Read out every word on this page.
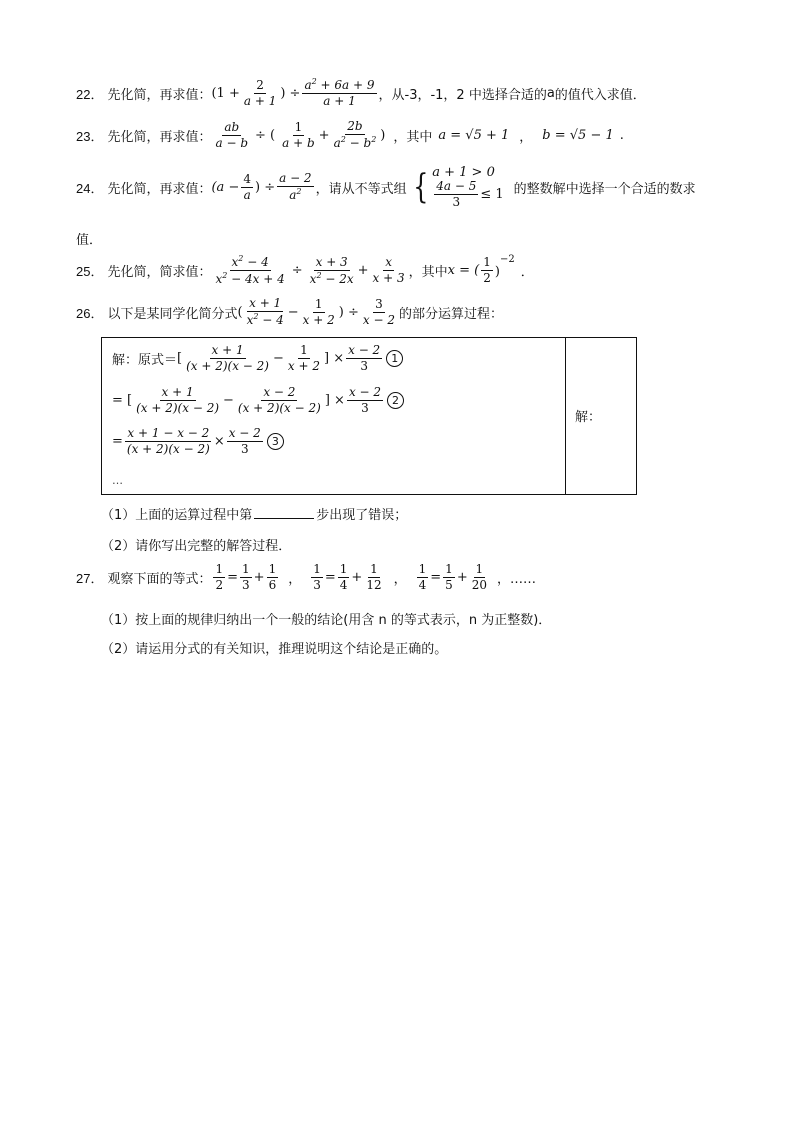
22． 先化简，再求值： ($1 + \frac{2}{a + 1}$ ) ÷ $\frac{a^2 + 6a + 9}{a + 1}$ ，从-3，-1，2 中选择合适的 a 的值代入求值．
23． 先化简，再求值： $\frac{ab}{a - b}$ ÷ ( $\frac{1}{a + b} + \frac{2b}{a^2 - b^2}$ ) ，其中 a = √5 + 1 ， b = √5 − 1 .
24． 先化简，再求值： ($a - \frac{4}{a}$ ) ÷ $\frac{a - 2}{a^2}$ ，请从不等式组 { a + 1 > 0
$\frac{4a - 5}{3} \le 1$ 的整数解中选择一个合适的数求
值．
25． 先化简，简求值： $\frac{x^2 - 4}{x^2 - 4x + 4} \div \frac{x + 3}{x^2 - 2x} + \frac{x}{x + 3}$ ，其中 x = ( $\frac{1}{2} )^{-2}$
．
26． 以下是某同学化简分式 ( $\frac{x + 1}{x^2 - 4} - \frac{1}{x + 2}$ ) ÷ $\frac{3}{x - 2}$ 的部分运算过程：
解：原式＝ [ $\frac{x + 1}{(x + 2)(x - 2)} - \frac{1}{x + 2}$ ] × $\frac{x - 2}{3} 1$
= [ $\frac{x + 1}{(x + 2)(x - 2)} - \frac{x - 2}{(x + 2)(x - 2)}$ ] × $\frac{x - 2}{3} 2$
= $\frac{x + 1 - x - 2}{(x + 2)(x - 2)} \times \frac{x - 2}{3} 3$
…

解：
（1）上面的运算过程中第	步出现了错误；
（2）请你写出完整的解答过程．
27． 观察下面的等式： $\frac{1}{2} = \frac{1}{3} + \frac{1}{6}$ ， $\frac{1}{3} = \frac{1}{4} + \frac{1}{12}$ ， $\frac{1}{4} = \frac{1}{5} + \frac{1}{20}$ ，……
（1）按上面的规律归纳出一个一般的结论(用含 n 的等式表示，n 为正整数)．
（2）请运用分式的有关知识，推理说明这个结论是正确的。
